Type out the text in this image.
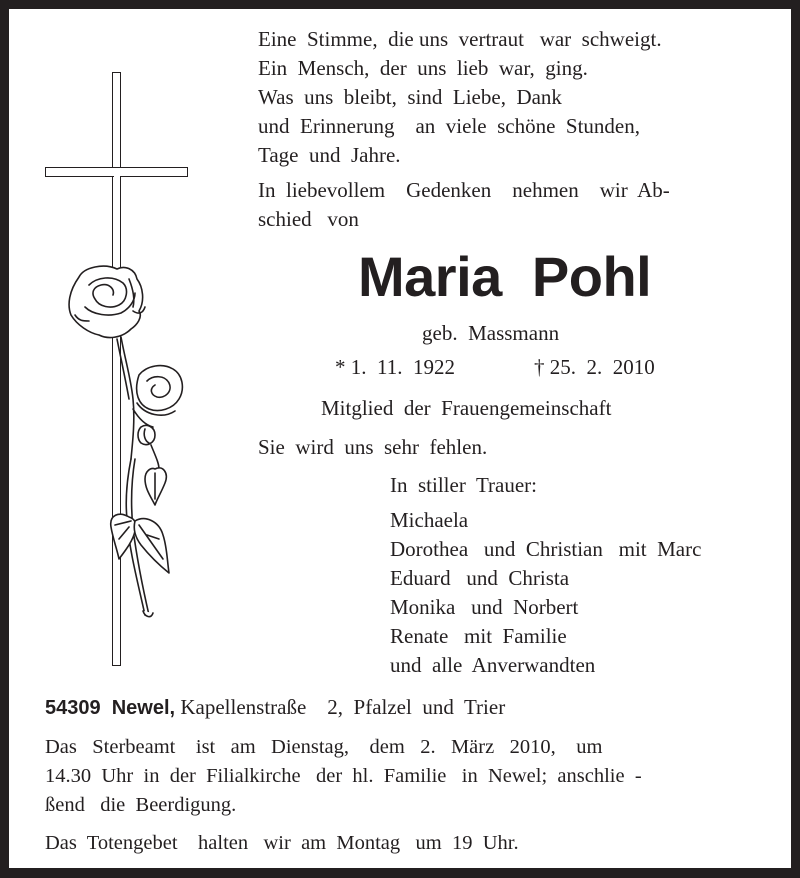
Eine  Stimme,  die uns  vertraut   war  schweigt.
Ein  Mensch,  der  uns  lieb  war,  ging.
Was  uns  bleibt,  sind  Liebe,  Dank
und  Erinnerung    an  viele  schöne  Stunden,
Tage  und  Jahre.
In  liebevollem    Gedenken    nehmen    wir  Ab-
schied   von
Maria  Pohl
geb.  Massmann
* 1.  11.  1922	† 25.  2.  2010
Mitglied  der  Frauengemeinschaft
Sie  wird  uns  sehr  fehlen.
In  stiller  Trauer:
Michaela
Dorothea   und  Christian   mit  Marc
Eduard   und  Christa
Monika   und  Norbert
Renate   mit  Familie
und  alle  Anverwandten
54309  Newel, Kapellenstraße    2,  Pfalzel  und  Trier
Das   Sterbeamt    ist   am   Dienstag,    dem   2.   März   2010,    um
14.30  Uhr  in  der  Filialkirche   der  hl.  Familie   in  Newel;  anschlie  -
ßend   die  Beerdigung.
Das  Totengebet    halten   wir  am  Montag   um  19  Uhr.
